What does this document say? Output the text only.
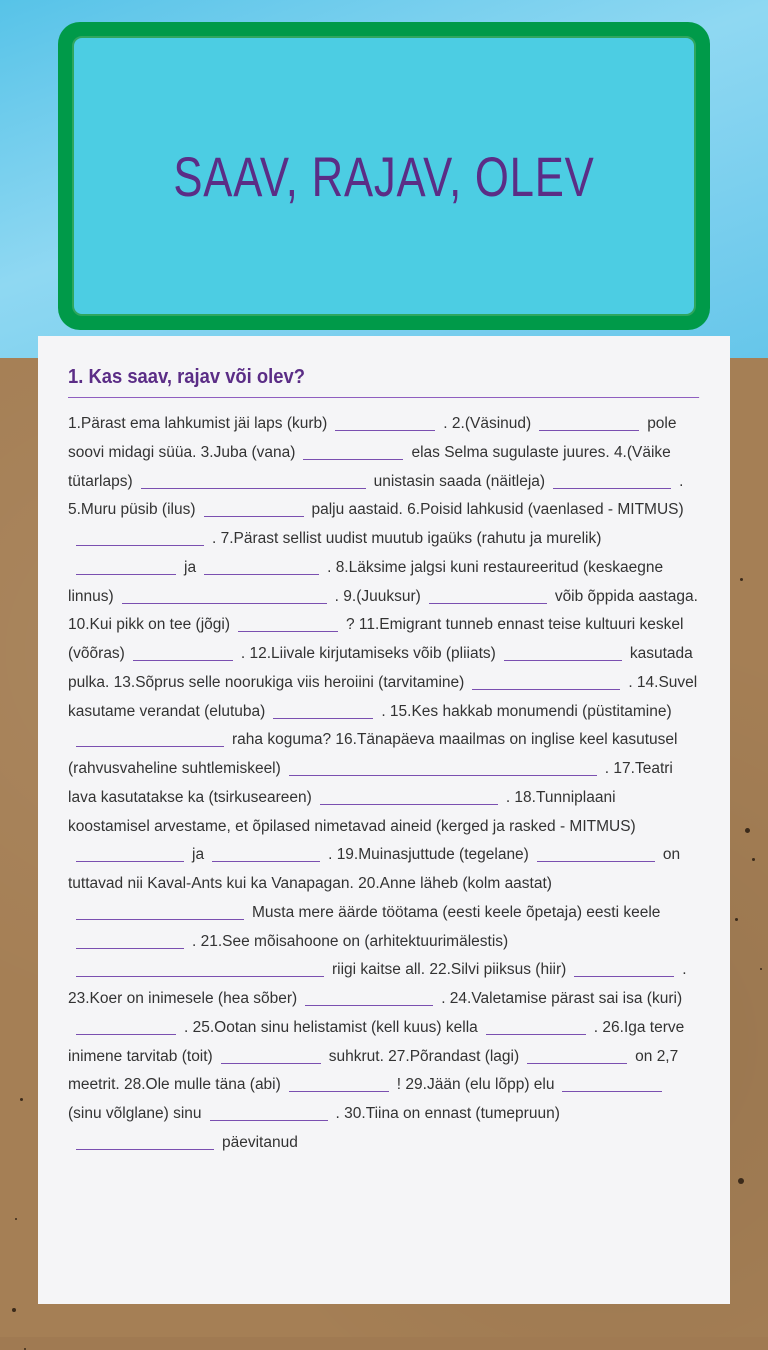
SAAV, RAJAV, OLEV
1. Kas saav, rajav või olev?
1.Pärast ema lahkumist jäi laps (kurb)	. 2.(Väsinud)	pole soovi midagi süüa. 3.Juba (vana)	elas Selma sugulaste juures. 4.(Väike tütarlaps)	unistasin saada (näitleja)	. 5.Muru püsib (ilus)	palju aastaid. 6.Poisid lahkusid (vaenlased - MITMUS). 7.Pärast sellist uudist muutub igaüks (rahutu ja murelik)ja	. 8.Läksime jalgsi kuni restaureeritud (keskaegne linnus)	. 9.(Juuksur)	võib õppida aastaga. 10.Kui pikk on tee (jõgi)	? 11.Emigrant tunneb ennast teise kultuuri keskel (võõras)	. 12.Liivale kirjutamiseks võib (pliiats)	kasutada pulka. 13.Sõprus selle noorukiga viis heroiini (tarvitamine)	. 14.Suvel kasutame verandat (elutuba)	. 15.Kes hakkab monumendi (püstitamine)raha koguma? 16.Tänapäeva maailmas on inglise keel kasutusel (rahvusvaheline suhtlemiskeel)	. 17.Teatri lava kasutatakse ka (tsirkuseareen)	. 18.Tunniplaani koostamisel arvestame, et õpilased nimetavad aineid (kerged ja rasked - MITMUS)ja	. 19.Muinasjuttude (tegelane)	on tuttavad nii Kaval-Ants kui ka Vanapagan. 20.Anne läheb (kolm aastat)Musta mere äärde töötama (eesti keele õpetaja) eesti keele. 21.See mõisahoone on (arhitektuurimälestis)riigi kaitse all. 22.Silvi piiksus (hiir)	. 23.Koer on inimesele (hea sõber)	. 24.Valetamise pärast sai isa (kuri). 25.Ootan sinu helistamist (kell kuus) kella	. 26.Iga terve inimene tarvitab (toit)	suhkrut. 27.Põrandast (lagi)	on 2,7 meetrit. 28.Ole mulle täna (abi)	! 29.Jään (elu lõpp) elu(sinu võlglane) sinu	. 30.Tiina on ennast (tumepruun)päevitanud
